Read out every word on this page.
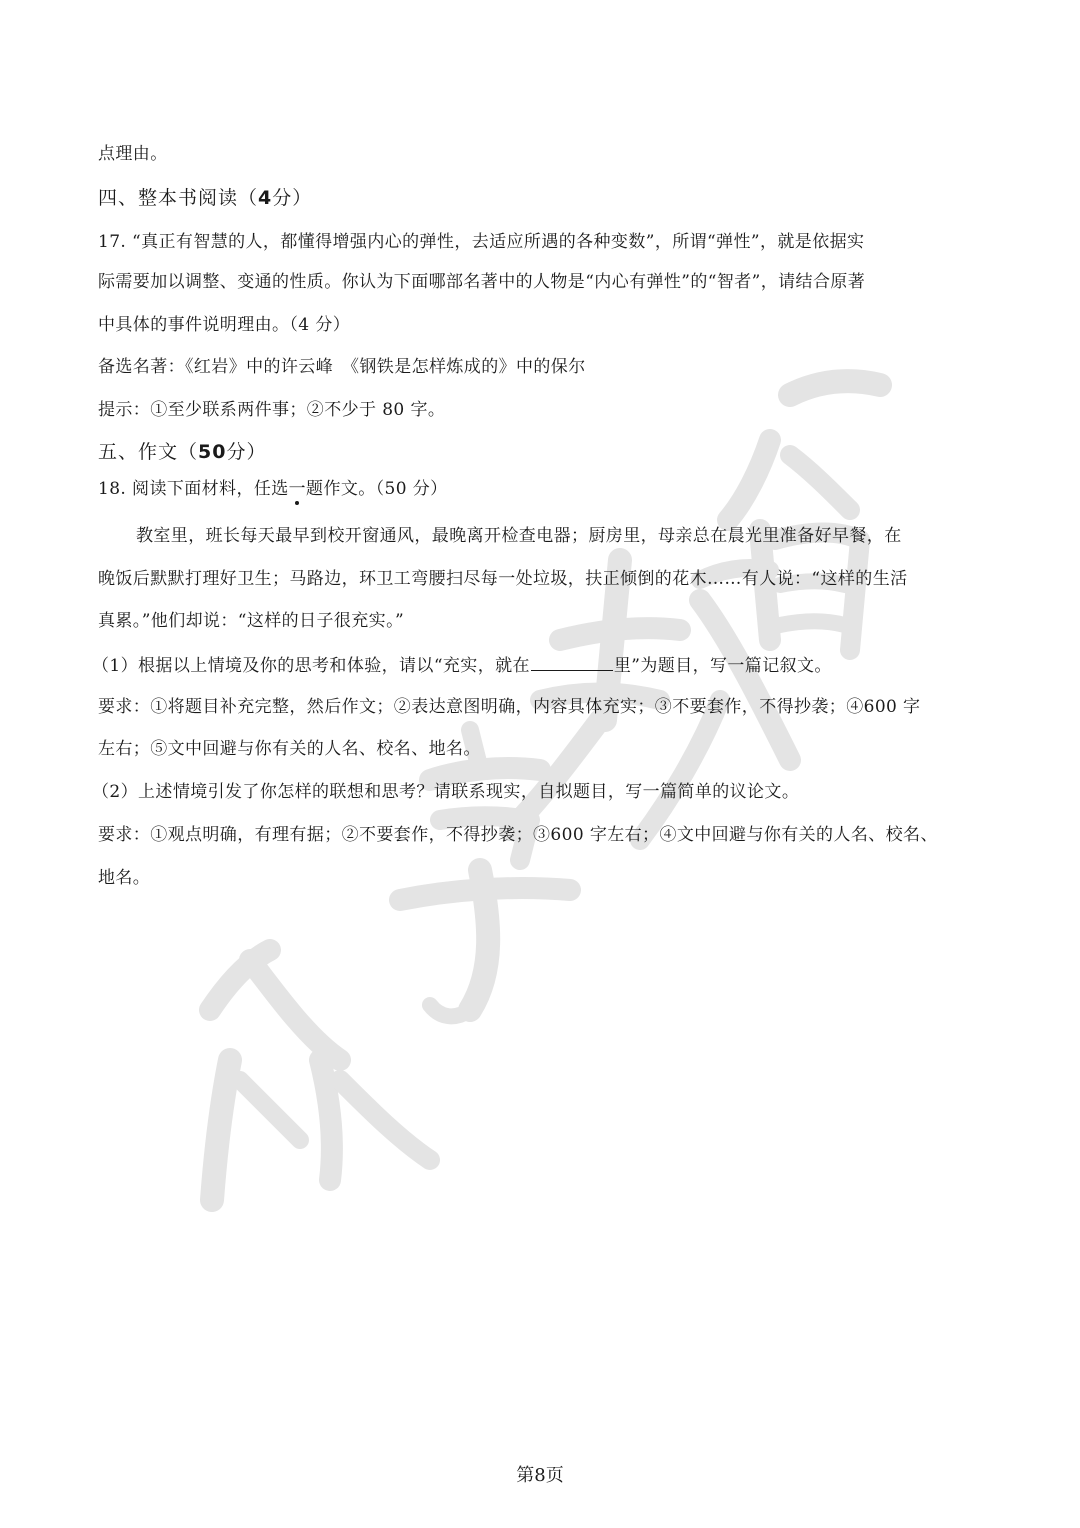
点理由。
四、整本书阅读（4分）
17. “真正有智慧的人，都懂得增强内心的弹性，去适应所遇的各种变数”，所谓“弹性”，就是依据实
际需要加以调整、变通的性质。你认为下面哪部名著中的人物是“内心有弹性”的“智者”，请结合原著
中具体的事件说明理由。（4 分）
备选名著：《红岩》中的许云峰　《钢铁是怎样炼成的》中的保尔
提示：①至少联系两件事；②不少于 80 字。
五、作文（50分）
18. 阅读下面材料，任选一题作文。（50 分）
教室里，班长每天最早到校开窗通风，最晚离开检查电器；厨房里，母亲总在晨光里准备好早餐，在
晚饭后默默打理好卫生；马路边，环卫工弯腰扫尽每一处垃圾，扶正倾倒的花木……有人说：“这样的生活
真累。”他们却说：“这样的日子很充实。”
（1）根据以上情境及你的思考和体验，请以“充实，就在	里”为题目，写一篇记叙文。
要求：①将题目补充完整，然后作文；②表达意图明确，内容具体充实；③不要套作，不得抄袭；④600 字
左右；⑤文中回避与你有关的人名、校名、地名。
（2）上述情境引发了你怎样的联想和思考？请联系现实，自拟题目，写一篇简单的议论文。
要求：①观点明确，有理有据；②不要套作，不得抄袭；③600 字左右；④文中回避与你有关的人名、校名、
地名。
第8页
